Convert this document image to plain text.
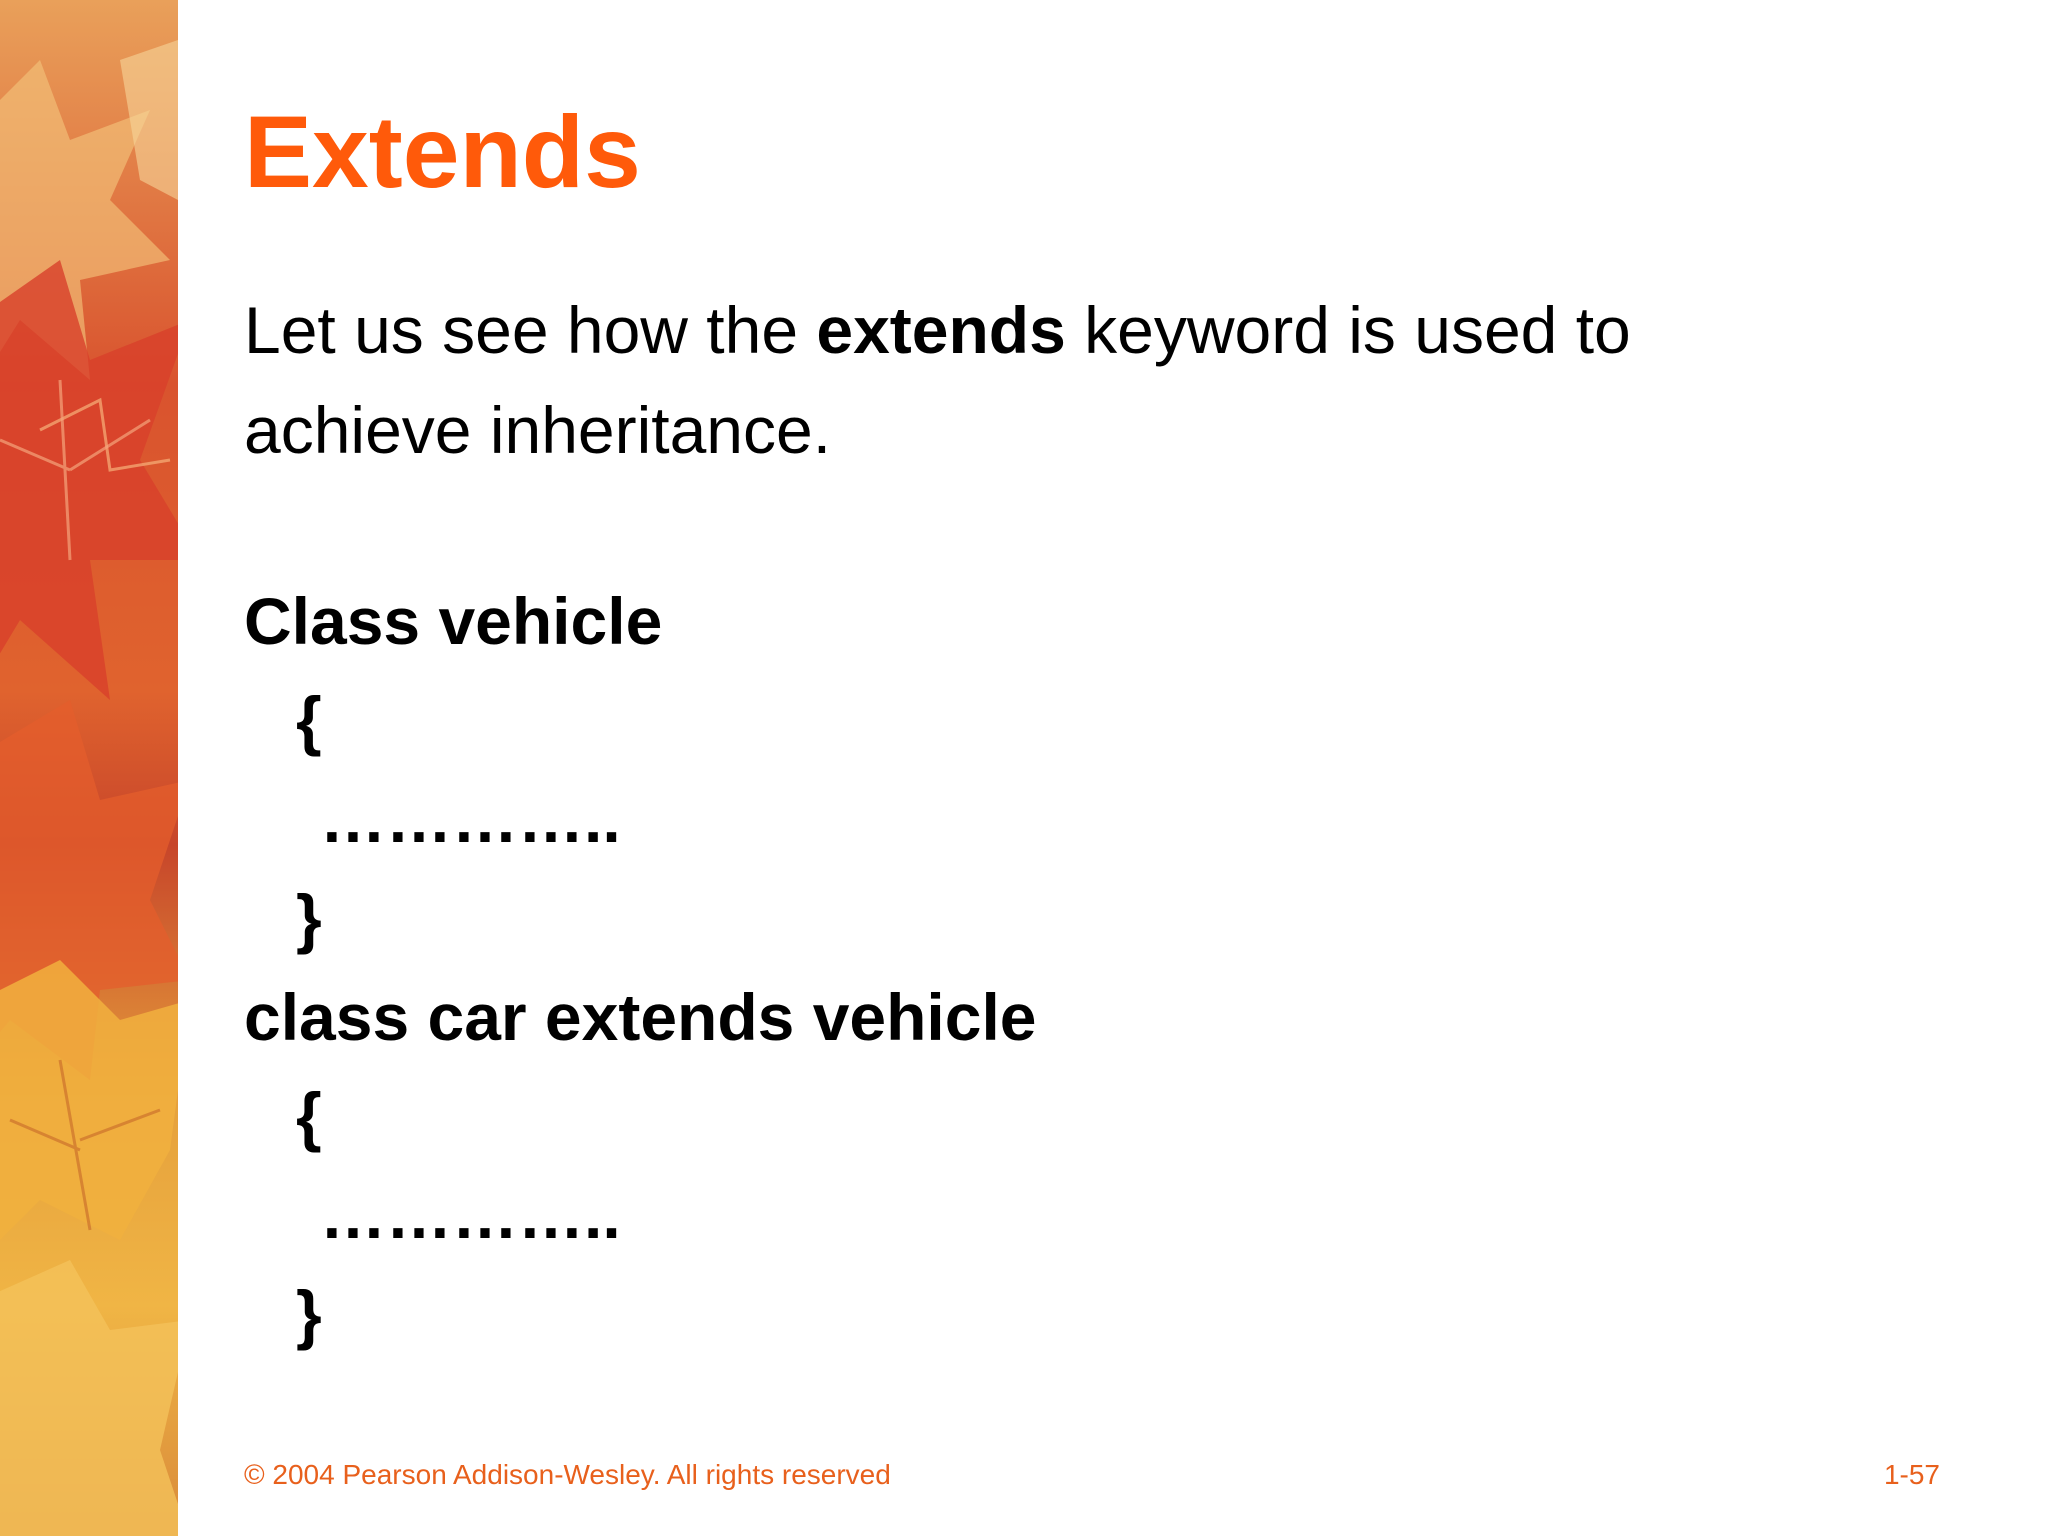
Extends

Let us see how the extends keyword is used to achieve inheritance.

Class vehicle
{
…………..
}
class car extends vehicle
{
…………..
}
© 2004 Pearson Addison-Wesley. All rights reserved	1-57
